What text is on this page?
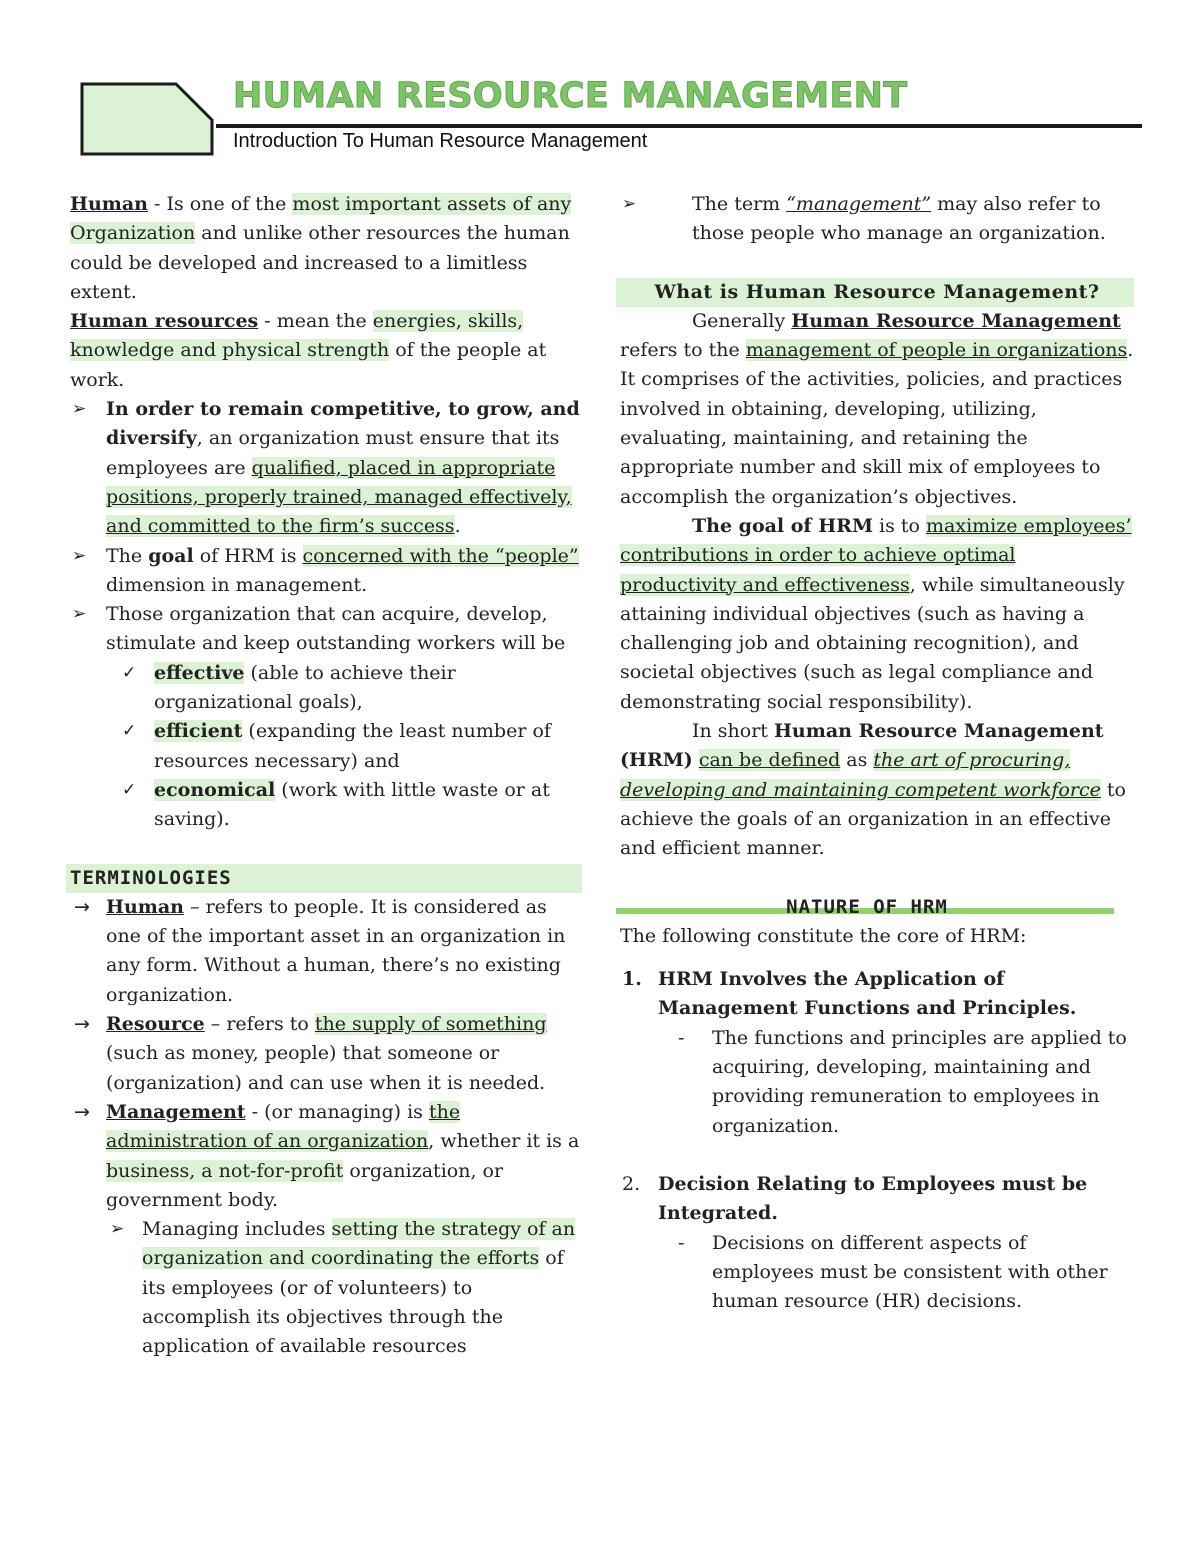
HUMAN RESOURCE MANAGEMENT
Introduction To Human Resource Management

Human - Is one of the most important assets of any Organization and unlike other resources the human could be developed and increased to a limitless extent.

Human resources - mean the energies, skills, knowledge and physical strength of the people at work.

➢ In order to remain competitive, to grow, and diversify, an organization must ensure that its employees are qualified, placed in appropriate positions, properly trained, managed effectively, and committed to the firm’s success.

➢ The goal of HRM is concerned with the “people” dimension in management.

➢ Those organization that can acquire, develop, stimulate and keep outstanding workers will be

✓ effective (able to achieve their organizational goals),

✓ efficient (expanding the least number of resources necessary) and

✓ economical (work with little waste or at saving).

TERMINOLOGIES

→ Human – refers to people. It is considered as one of the important asset in an organization in any form. Without a human, there’s no existing organization.

→ Resource – refers to the supply of something (such as money, people) that someone or (organization) and can use when it is needed.

→ Management - (or managing) is the administration of an organization, whether it is a business, a not-for-profit organization, or government body.

➢ Managing includes setting the strategy of an organization and coordinating the efforts of its employees (or of volunteers) to accomplish its objectives through the application of available resources

➢ The term “management” may also refer to those people who manage an organization.

What is Human Resource Management?

Generally Human Resource Management refers to the management of people in organizations. It comprises of the activities, policies, and practices involved in obtaining, developing, utilizing, evaluating, maintaining, and retaining the appropriate number and skill mix of employees to accomplish the organization’s objectives.

The goal of HRM is to maximize employees’ contributions in order to achieve optimal productivity and effectiveness, while simultaneously attaining individual objectives (such as having a challenging job and obtaining recognition), and societal objectives (such as legal compliance and demonstrating social responsibility).

In short Human Resource Management (HRM) can be defined as the art of procuring, developing and maintaining competent workforce to achieve the goals of an organization in an effective and efficient manner.

NATURE OF HRM

The following constitute the core of HRM:

1. HRM Involves the Application of Management Functions and Principles.

- The functions and principles are applied to acquiring, developing, maintaining and providing remuneration to employees in organization.

2. Decision Relating to Employees must be Integrated.

- Decisions on different aspects of employees must be consistent with other human resource (HR) decisions.
